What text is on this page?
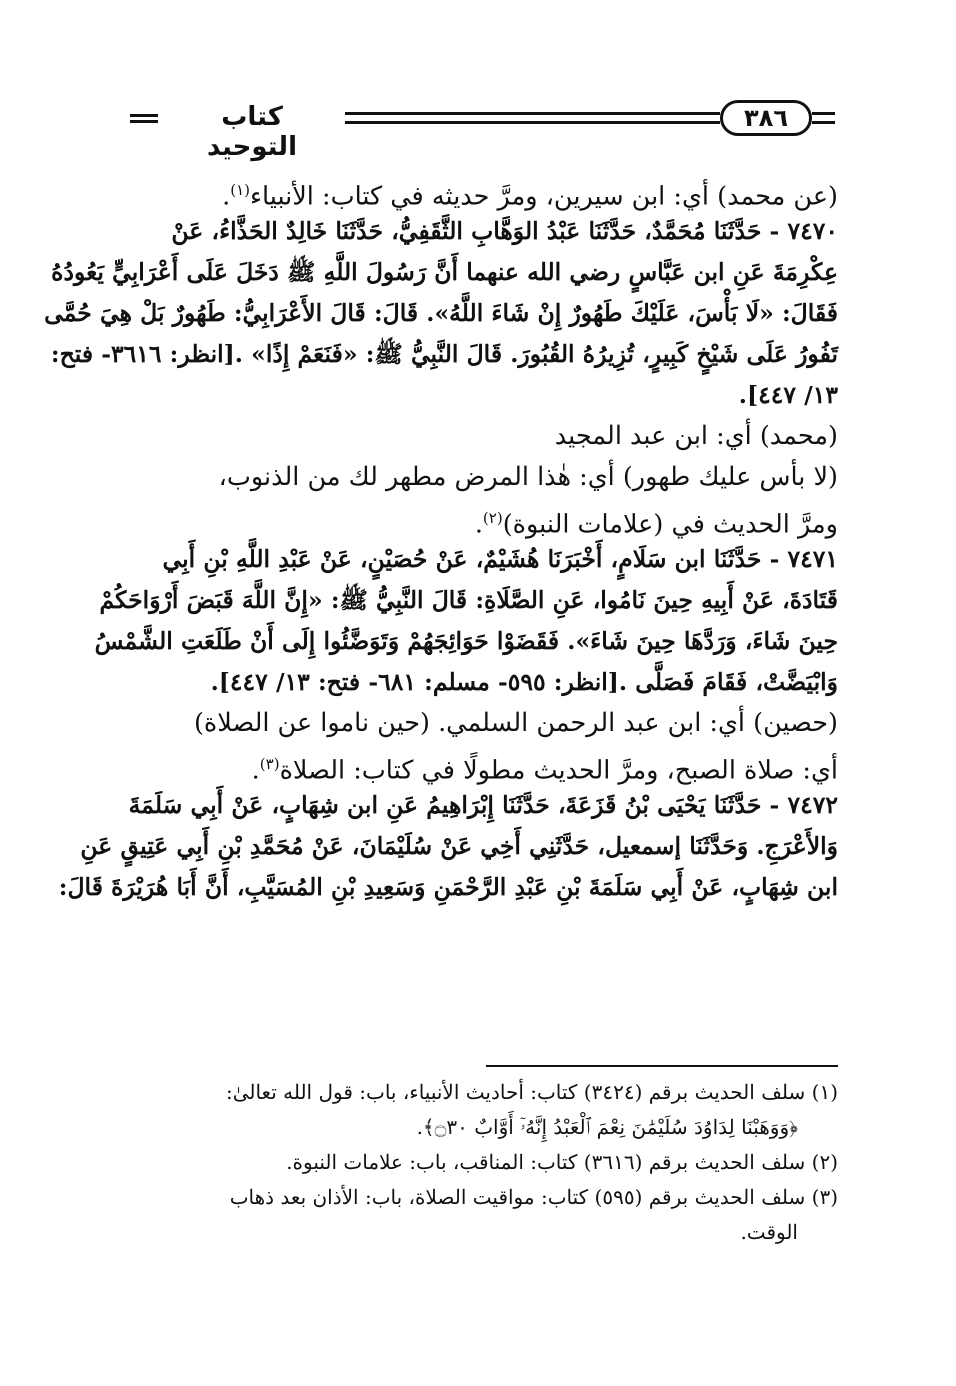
كتاب التوحيد
٣٨٦
(عن محمد) أي: ابن سيرين، ومرَّ حديثه في كتاب: الأنبياء$^{(١)}$.
٧٤٧٠ - حَدَّثَنَا مُحَمَّدٌ، حَدَّثَنَا عَبْدُ الوَهَّابِ الثَّقَفِيُّ، حَدَّثَنَا خَالِدٌ الحَذَّاءُ، عَنْ
عِكْرِمَةَ عَنِ ابن عَبَّاسٍ رضي الله عنهما أَنَّ رَسُولَ اللَّهِ ﷺ دَخَلَ عَلَى أَعْرَابِيٍّ يَعُودُهُ
فَقَالَ: «لَا بَأْسَ، عَلَيْكَ طَهُورٌ إِنْ شَاءَ اللَّهُ». قَالَ: قَالَ الأَعْرَابِيُّ: طَهُورٌ بَلْ هِيَ حُمَّى
تَفُورُ عَلَى شَيْخٍ كَبِيرٍ، تُزِيرُهُ القُبُورَ. قَالَ النَّبِيُّ ﷺ: «فَنَعَمْ إِذًا» .[انظر: ٣٦١٦- فتح:
١٣/ ٤٤٧].
(محمد) أي: ابن عبد المجيد
(لا بأس عليك طهور) أي: هٰذا المرض مطهر لك من الذنوب،
ومرَّ الحديث في (علامات النبوة)$^{(٢)}$.
٧٤٧١ - حَدَّثَنَا ابن سَلَامٍ، أَخْبَرَنَا هُشَيْمٌ، عَنْ حُصَيْنٍ، عَنْ عَبْدِ اللَّهِ بْنِ أَبِي
قَتَادَةَ، عَنْ أَبِيهِ حِينَ نَامُوا، عَنِ الصَّلَاةِ: قَالَ النَّبِيُّ ﷺ: «إِنَّ اللَّهَ قَبَضَ أَرْوَاحَكُمْ
حِينَ شَاءَ، وَرَدَّهَا حِينَ شَاءَ». فَقَضَوْا حَوَائِجَهُمْ وَتَوَضَّئُوا إِلَى أَنْ طَلَعَتِ الشَّمْسُ
وَابْيَضَّتْ، فَقَامَ فَصَلَّى .[انظر: ٥٩٥- مسلم: ٦٨١- فتح: ١٣/ ٤٤٧].
(حصين) أي: ابن عبد الرحمن السلمي. (حين ناموا عن الصلاة)
أي: صلاة الصبح، ومرَّ الحديث مطولًا في كتاب: الصلاة$^{(٣)}$.
٧٤٧٢ - حَدَّثَنَا يَحْيَى بْنُ قَزَعَةَ، حَدَّثَنَا إِبْرَاهِيمُ عَنِ ابن شِهَابٍ، عَنْ أَبِي سَلَمَةَ
وَالأَعْرَجِ. وَحَدَّثَنَا إسمعيل، حَدَّثَنِي أَخِي عَنْ سُلَيْمَانَ، عَنْ مُحَمَّدِ بْنِ أَبِي عَتِيقٍ عَنِ
ابن شِهَابٍ، عَنْ أَبِي سَلَمَةَ بْنِ عَبْدِ الرَّحْمَنِ وَسَعِيدِ بْنِ المُسَيَّبِ، أَنَّ أَبَا هُرَيْرَةَ قَالَ:
(١) سلف الحديث برقم (٣٤٢٤) كتاب: أحاديث الأنبياء، باب: قول الله تعالىٰ:
﴿وَوَهَبْنَا لِدَاوُدَ سُلَيْمَٰنَ نِعْمَ ٱلْعَبْدُ إِنَّهُۥٓ أَوَّابٌ ۝٣٠﴾.
(٢) سلف الحديث برقم (٣٦١٦) كتاب: المناقب، باب: علامات النبوة.
(٣) سلف الحديث برقم (٥٩٥) كتاب: مواقيت الصلاة، باب: الأذان بعد ذهاب
الوقت.
